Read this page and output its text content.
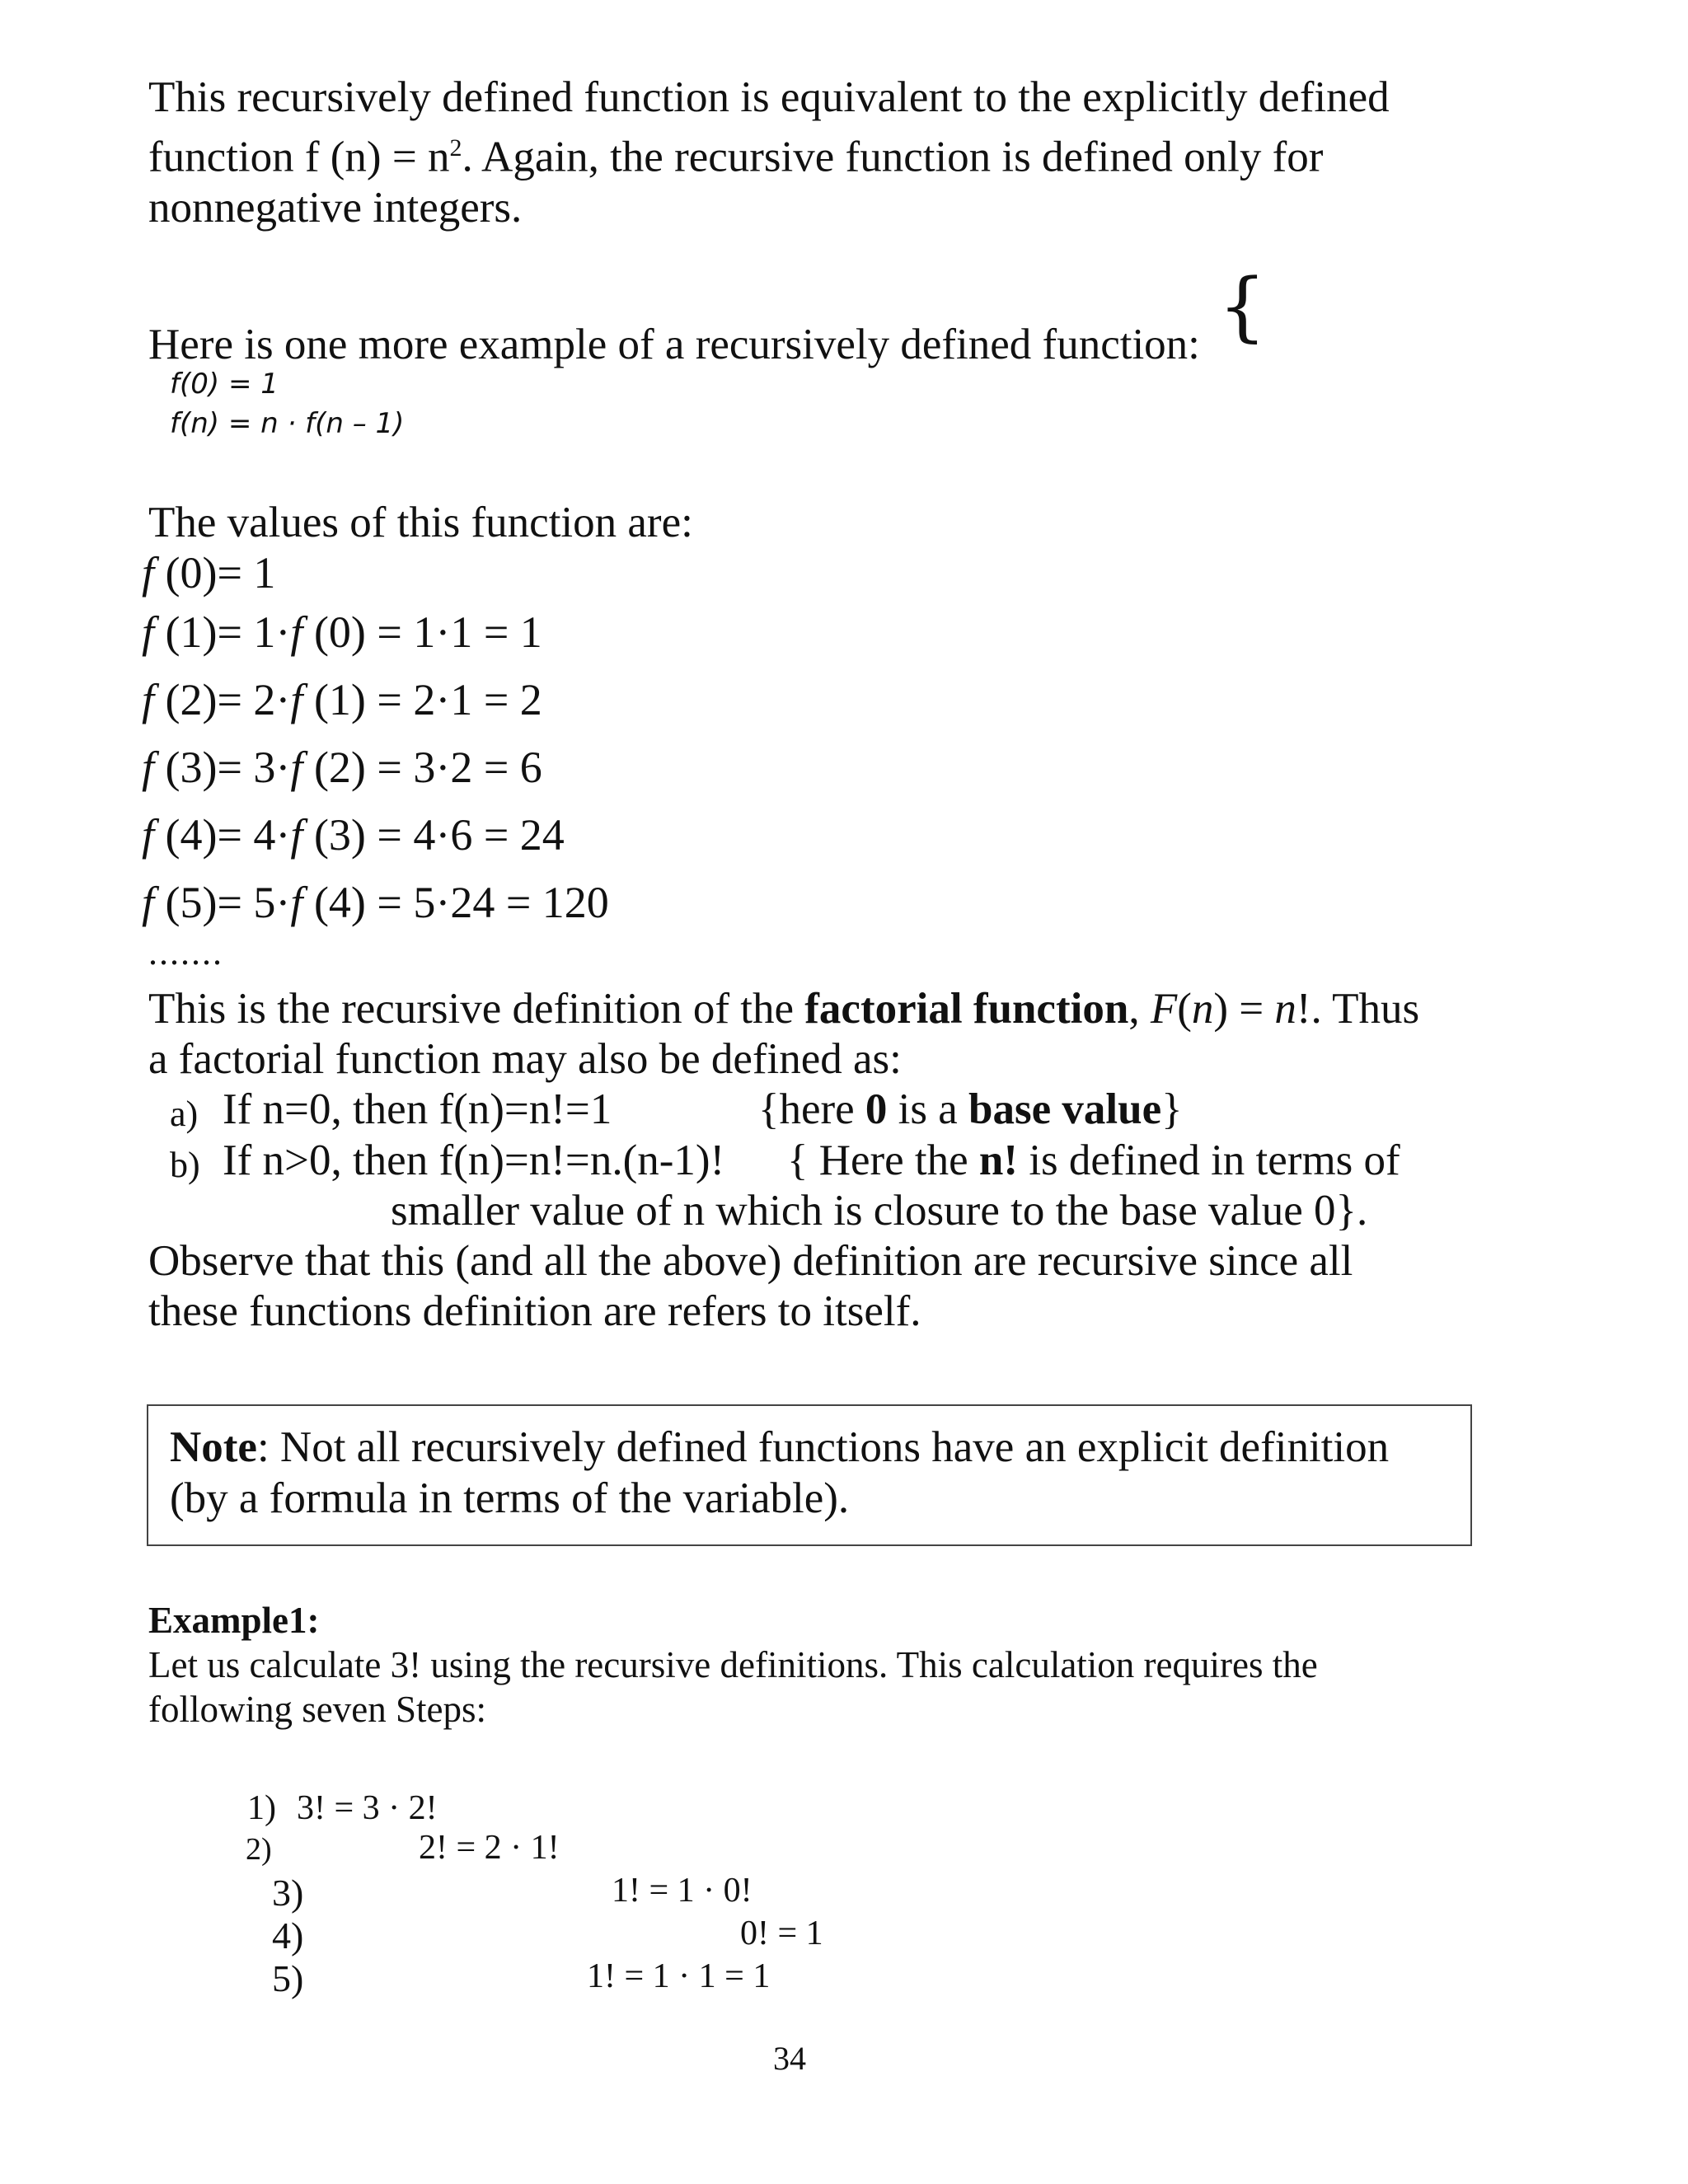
This recursively defined function is equivalent to the explicitly defined
function f $(n) = n^2$. Again, the recursive function is defined only for
nonnegative integers.
Here is one more example of a recursively defined function: {
f(0) = 1
f(n) = n · f(n – 1)
The values of this function are:
f (0)= 1
f (1)= 1·f (0) = 1·1 = 1
f (2)= 2·f (1) = 2·1 = 2
f (3)= 3·f (2) = 3·2 = 6
f (4)= 4·f (3) = 4·6 = 24
f (5)= 5·f (4) = 5·24 = 120
.......
This is the recursive definition of the factorial function, F(n) = n!. Thus
a factorial function may also be defined as:
a) If n=0, then f(n)=n!=1	{here 0 is a base value}
b) If n>0, then f(n)=n!=n.(n-1)! { Here the n! is defined in terms of
smaller value of n which is closure to the base value 0}.
Observe that this (and all the above) definition are recursive since all
these functions definition are refers to itself.
Note: Not all recursively defined functions have an explicit definition
(by a formula in terms of the variable).
Example1:
Let us calculate 3! using the recursive definitions. This calculation requires the
following seven Steps:
1) 3! = 3 · 2!
2)	2! = 2 · 1!
3)	1! = 1 · 0!
4)	0! = 1
5)	1! = 1 · 1 = 1
34
